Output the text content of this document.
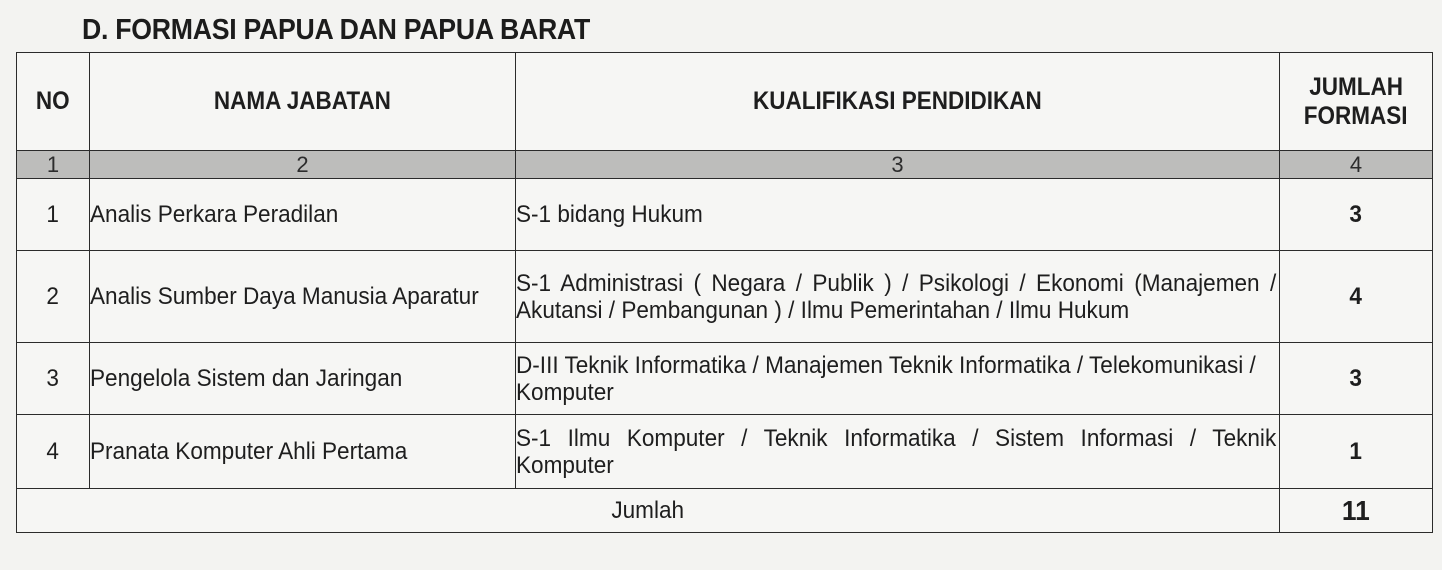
D. FORMASI PAPUA DAN PAPUA BARAT
NO	NAMA JABATAN	KUALIFIKASI PENDIDIKAN	JUMLAH
FORMASI
1	2	3	4
1	Analis Perkara Peradilan	S-1 bidang Hukum	3
2	Analis Sumber Daya Manusia Aparatur	S-1 Administrasi ( Negara / Publik ) / Psikologi / Ekonomi (Manajemen / Akutansi / Pembangunan ) / Ilmu Pemerintahan / Ilmu Hukum	4
3	Pengelola Sistem dan Jaringan	D-III Teknik Informatika / Manajemen Teknik Informatika / Telekomunikasi / Komputer	3
4	Pranata Komputer Ahli Pertama	S-1 Ilmu Komputer / Teknik Informatika / Sistem Informasi / Teknik Komputer	1
Jumlah			11
